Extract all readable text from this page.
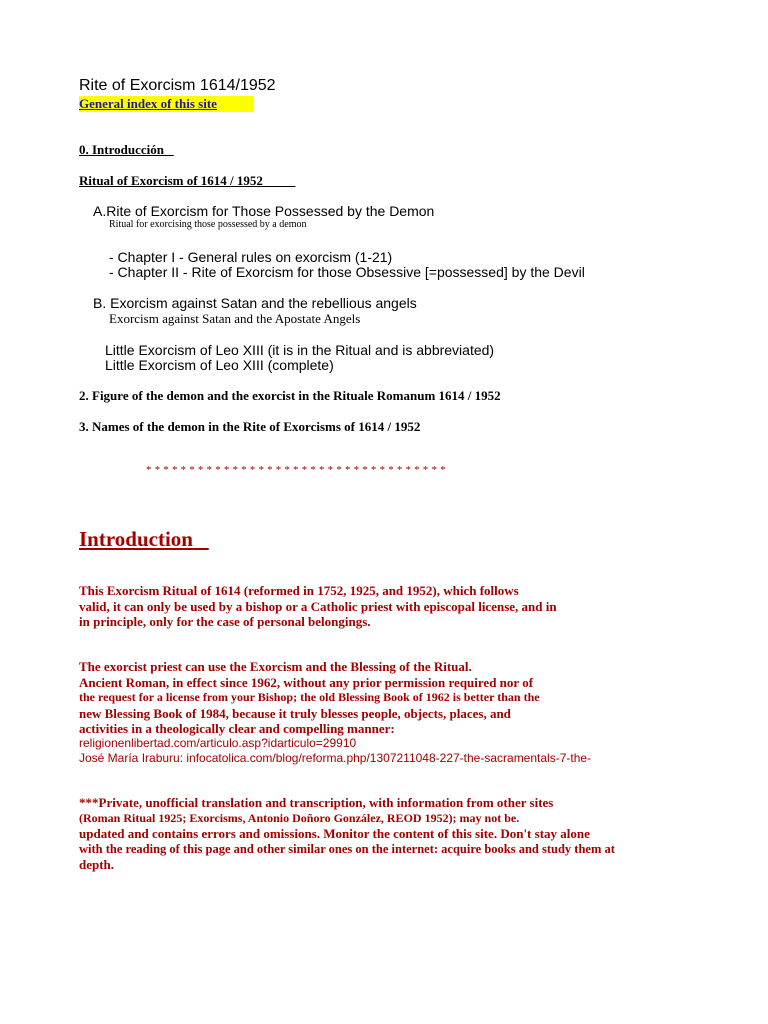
Rite of Exorcism 1614/1952
General index of this site
0. Introducción
Ritual of Exorcism of 1614 / 1952
A.Rite of Exorcism for Those Possessed by the Demon
Ritual for exorcising those possessed by a demon
- Chapter I - General rules on exorcism (1-21)
- Chapter II - Rite of Exorcism for those Obsessive [=possessed] by the Devil
B. Exorcism against Satan and the rebellious angels
Exorcism against Satan and the Apostate Angels
Little Exorcism of Leo XIII (it is in the Ritual and is abbreviated)
Little Exorcism of Leo XIII (complete)
2. Figure of the demon and the exorcist in the Rituale Romanum 1614 / 1952
3. Names of the demon in the Rite of Exorcisms of 1614 / 1952
* * * * * * * * * * * * * * * * * * * * * * * * * * * * * * * * * * *
Introduction
This Exorcism Ritual of 1614 (reformed in 1752, 1925, and 1952), which follows
valid, it can only be used by a bishop or a Catholic priest with episcopal license, and in
in principle, only for the case of personal belongings.
The exorcist priest can use the Exorcism and the Blessing of the Ritual.
Ancient Roman, in effect since 1962, without any prior permission required nor of
the request for a license from your Bishop; the old Blessing Book of 1962 is better than the
new Blessing Book of 1984, because it truly blesses people, objects, places, and
activities in a theologically clear and compelling manner:
religionenlibertad.com/articulo.asp?idarticulo=29910
José María Iraburu: infocatolica.com/blog/reforma.php/1307211048-227-the-sacramentals-7-the-
***Private, unofficial translation and transcription, with information from other sites
(Roman Ritual 1925; Exorcisms, Antonio Doñoro González, REOD 1952); may not be.
updated and contains errors and omissions. Monitor the content of this site. Don't stay alone
with the reading of this page and other similar ones on the internet: acquire books and study them at
depth.
